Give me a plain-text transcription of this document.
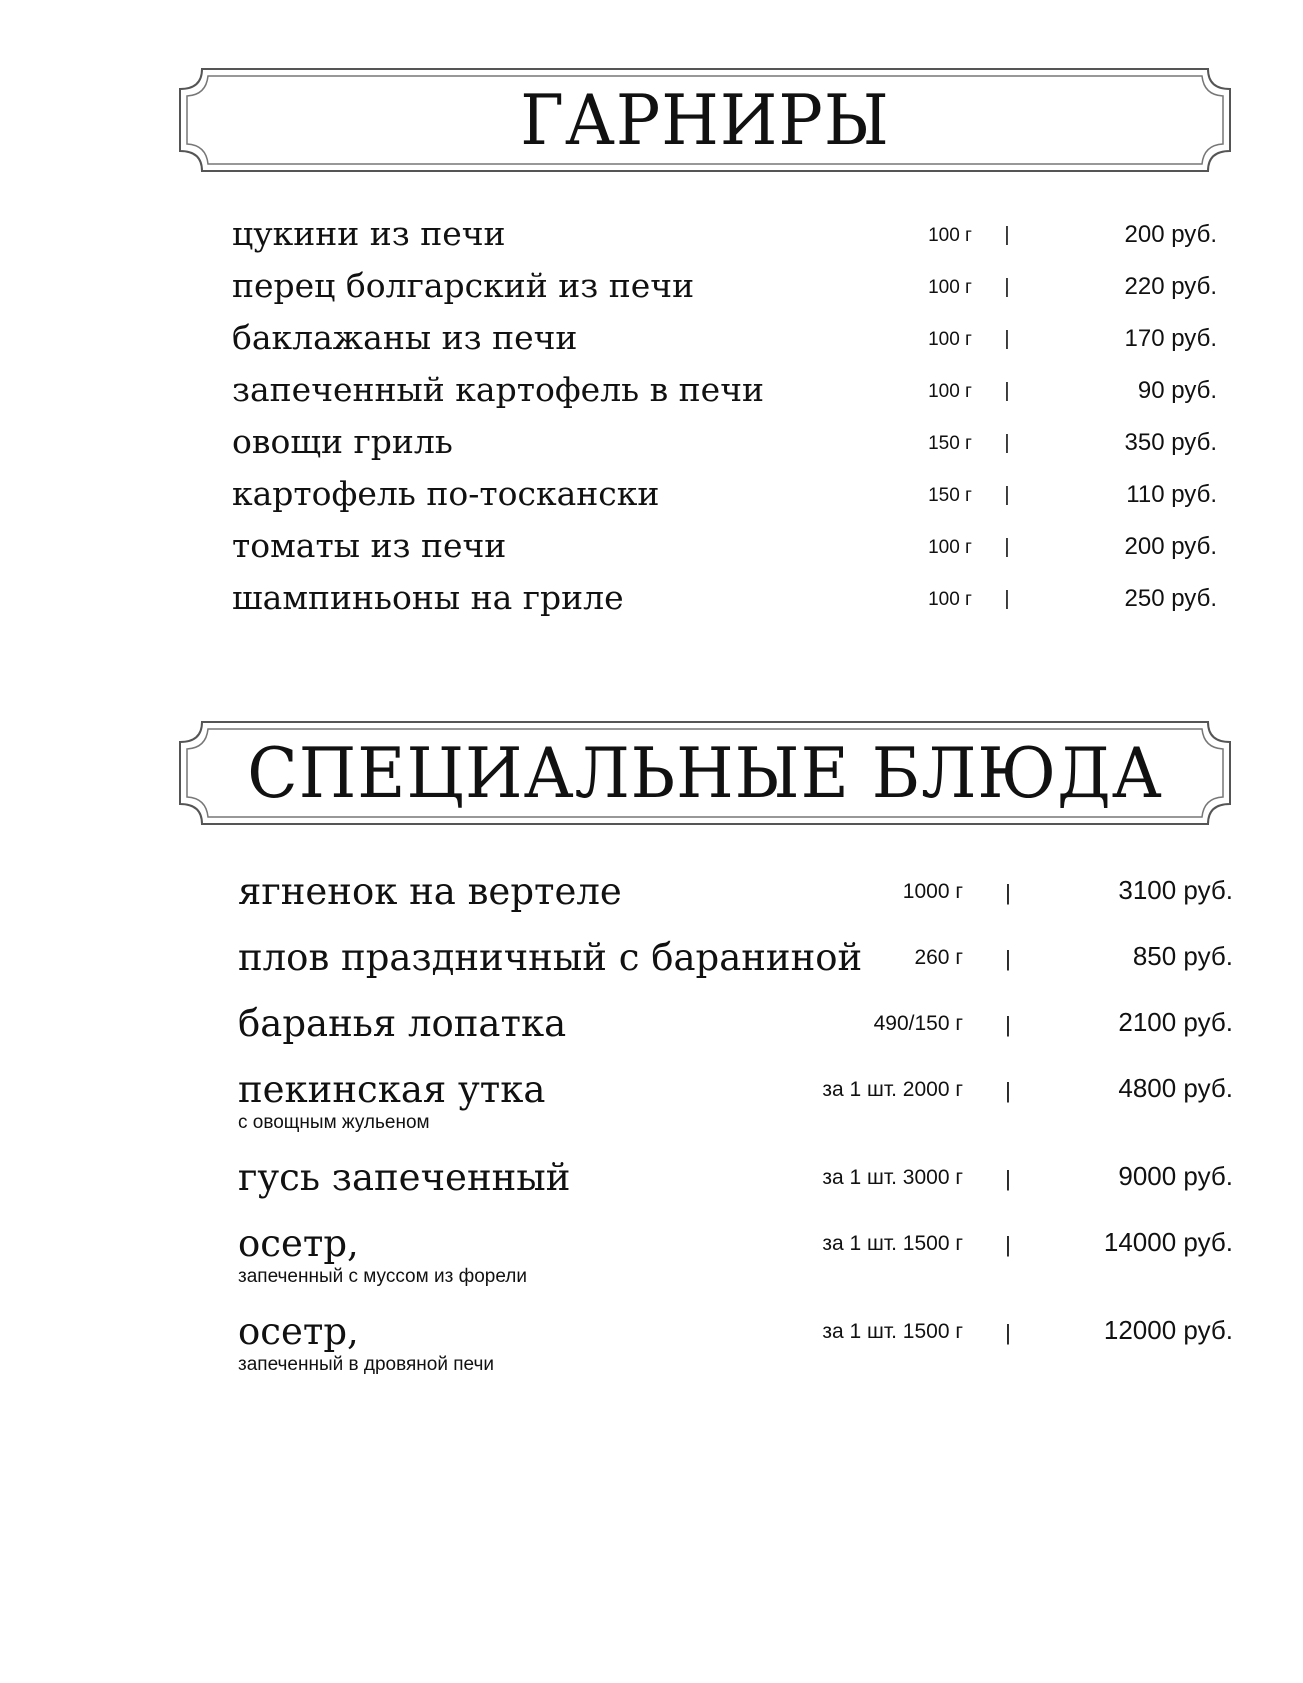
ГАРНИРЫ
цукини из печи	100 г |	200 руб.
перец болгарский из печи	100 г |	220 руб.
баклажаны из печи	100 г |	170 руб.
запеченный картофель в печи	100 г |	90 руб.
овощи гриль	150 г |	350 руб.
картофель по-тоскански	150 г |	110 руб.
томаты из печи	100 г |	200 руб.
шампиньоны на гриле	100 г |	250 руб.
СПЕЦИАЛЬНЫЕ БЛЮДА
ягненок на вертеле	1000 г |	3100 руб.
плов праздничный с бараниной 260 г |	850 руб.
баранья лопатка	490/150 г |	2100 руб.
пекинская утка
с овощным жульеном
за 1 шт. 2000 г |	4800 руб.
гусь запеченный	за 1 шт. 3000 г |	9000 руб.
осетр,
запеченный с муссом из форели
за 1 шт. 1500 г |	14000 руб.
осетр,
запеченный в дровяной печи
за 1 шт. 1500 г |	12000 руб.
